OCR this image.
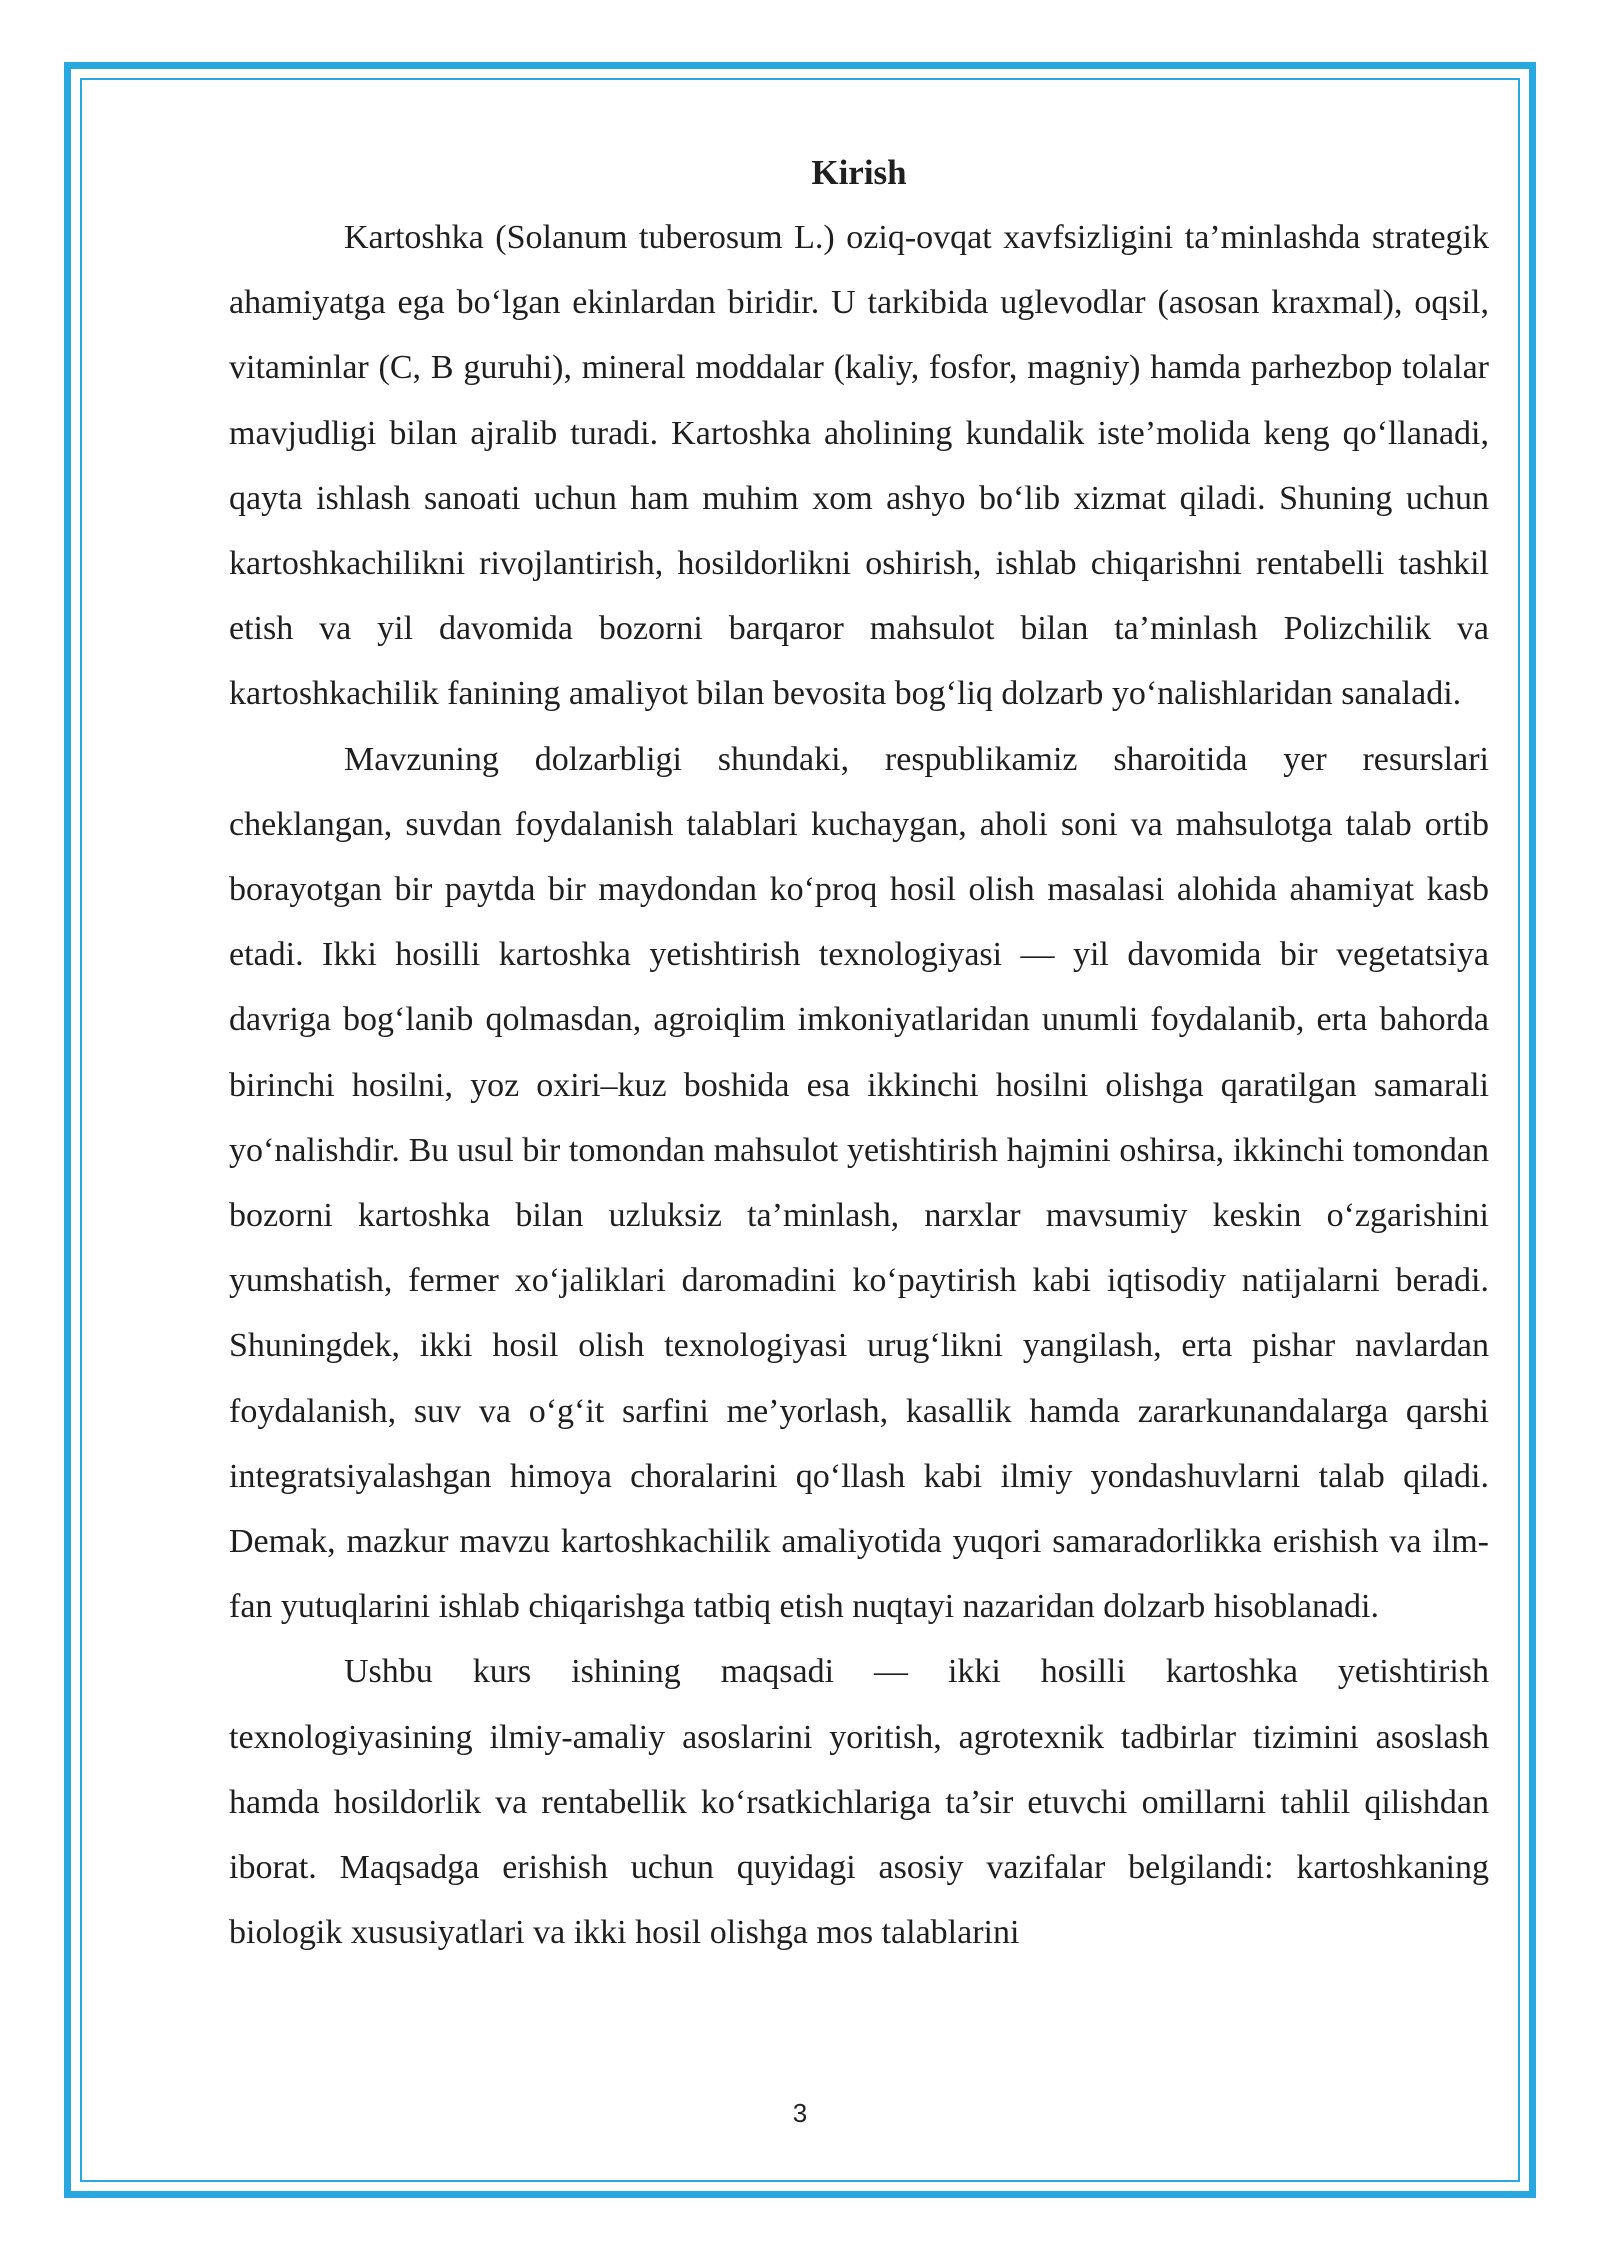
Kirish

Kartoshka (Solanum tuberosum L.) oziq-ovqat xavfsizligini ta’minlashda strategik ahamiyatga ega bo‘lgan ekinlardan biridir. U tarkibida uglevodlar (asosan kraxmal), oqsil, vitaminlar (C, B guruhi), mineral moddalar (kaliy, fosfor, magniy) hamda parhezbop tolalar mavjudligi bilan ajralib turadi. Kartoshka aholining kundalik iste’molida keng qo‘llanadi, qayta ishlash sanoati uchun ham muhim xom ashyo bo‘lib xizmat qiladi. Shuning uchun kartoshkachilikni rivojlantirish, hosildorlikni oshirish, ishlab chiqarishni rentabelli tashkil etish va yil davomida bozorni barqaror mahsulot bilan ta’minlash Polizchilik va kartoshkachilik fanining amaliyot bilan bevosita bog‘liq dolzarb yo‘nalishlaridan sanaladi.

Mavzuning dolzarbligi shundaki, respublikamiz sharoitida yer resurslari cheklangan, suvdan foydalanish talablari kuchaygan, aholi soni va mahsulotga talab ortib borayotgan bir paytda bir maydondan ko‘proq hosil olish masalasi alohida ahamiyat kasb etadi. Ikki hosilli kartoshka yetishtirish texnologiyasi — yil davomida bir vegetatsiya davriga bog‘lanib qolmasdan, agroiqlim imkoniyatlaridan unumli foydalanib, erta bahorda birinchi hosilni, yoz oxiri–kuz boshida esa ikkinchi hosilni olishga qaratilgan samarali yo‘nalishdir. Bu usul bir tomondan mahsulot yetishtirish hajmini oshirsa, ikkinchi tomondan bozorni kartoshka bilan uzluksiz ta’minlash, narxlar mavsumiy keskin o‘zgarishini yumshatish, fermer xo‘jaliklari daromadini ko‘paytirish kabi iqtisodiy natijalarni beradi. Shuningdek, ikki hosil olish texnologiyasi urug‘likni yangilash, erta pishar navlardan foydalanish, suv va o‘g‘it sarfini me’yorlash, kasallik hamda zararkunandalarga qarshi integratsiyalashgan himoya choralarini qo‘llash kabi ilmiy yondashuvlarni talab qiladi. Demak, mazkur mavzu kartoshkachilik amaliyotida yuqori samaradorlikka erishish va ilm-fan yutuqlarini ishlab chiqarishga tatbiq etish nuqtayi nazaridan dolzarb hisoblanadi.

Ushbu kurs ishining maqsadi — ikki hosilli kartoshka yetishtirish texnologiyasining ilmiy-amaliy asoslarini yoritish, agrotexnik tadbirlar tizimini asoslash hamda hosildorlik va rentabellik ko‘rsatkichlariga ta’sir etuvchi omillarni tahlil qilishdan iborat. Maqsadga erishish uchun quyidagi asosiy vazifalar belgilandi: kartoshkaning biologik xususiyatlari va ikki hosil olishga mos talablarini

3
